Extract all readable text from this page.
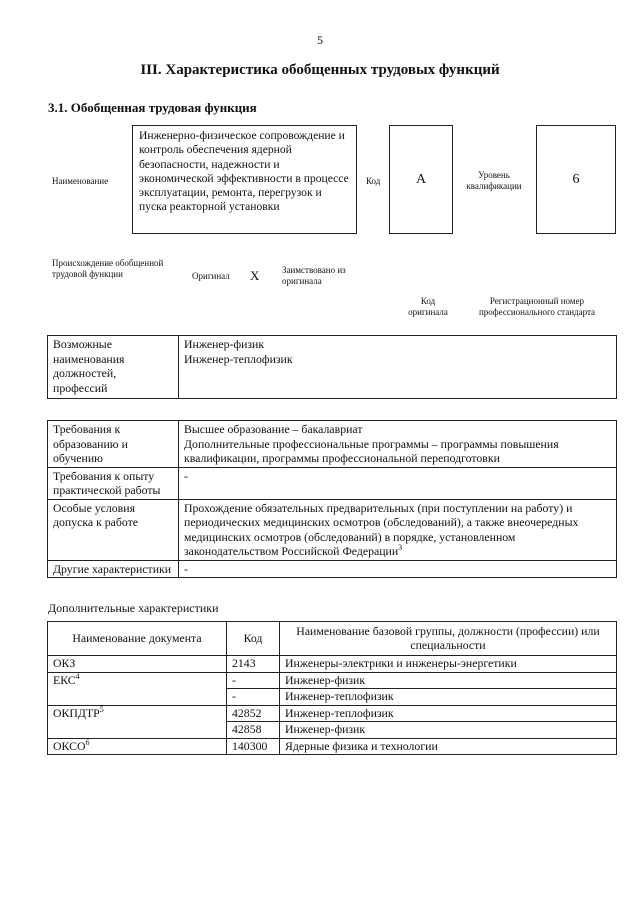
5
III. Характеристика обобщенных трудовых функций
3.1. Обобщенная трудовая функция
Наименование
Инженерно-физическое сопровождение и контроль обеспечения ядерной безопасности, надежности и экономической эффективности в процессе эксплуатации, ремонта, перегрузок и пуска реакторной установки
Код	A	Уровень квалификации	6
Происхождение обобщенной трудовой функции	Оригинал X	Заимствовано из оригинала
Код оригинала
Регистрационный номер профессионального стандарта
Возможные наименования должностей, профессий	
Инженер-физик
Инженер-теплофизик
Требования к образованию и обучению	Высшее образование – бакалавриат
Дополнительные профессиональные программы – программы повышения квалификации, программы профессиональной переподготовки

Требования к опыту практической работы	-
Особые условия допуска к работе	Прохождение обязательных предварительных (при поступлении на работу) и периодических медицинских осмотров (обследований), а также внеочередных медицинских осмотров (обследований) в порядке, установленном законодательством Российской Федерации$^3$
Другие характеристики	-
Дополнительные характеристики
Наименование документа	Код	Наименование базовой группы, должности (профессии) или специальности
ОКЗ	2143	Инженеры-электрики и инженеры-энергетики
ЕКС$^4$	-	Инженер-физик
	-	Инженер-теплофизик
ОКПДТР$^5$	42852	Инженер-теплофизик
	42858	Инженер-физик
ОКСО$^6$	140300	Ядерные физика и технологии
